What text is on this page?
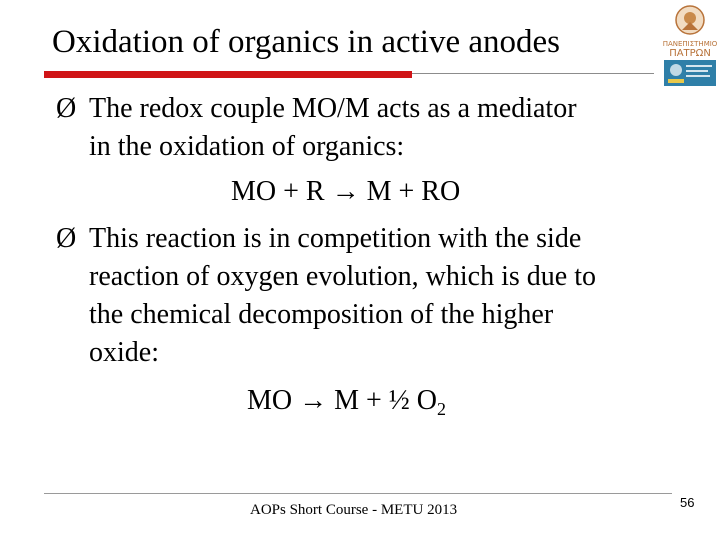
Oxidation of organics in active anodes	ΠΑΝΕΠΙΣΤΗΜΙΟ
ΠΑΤΡΩΝ
Ø The redox couple MO/M acts as a mediator
in the oxidation of organics:
MO + R → M + RO
Ø This reaction is in competition with the side
reaction of oxygen evolution, which is due to
the chemical decomposition of the higher
oxide:
MO → M + ½ $O_2$
AOPs Short Course - METU 2013	56
